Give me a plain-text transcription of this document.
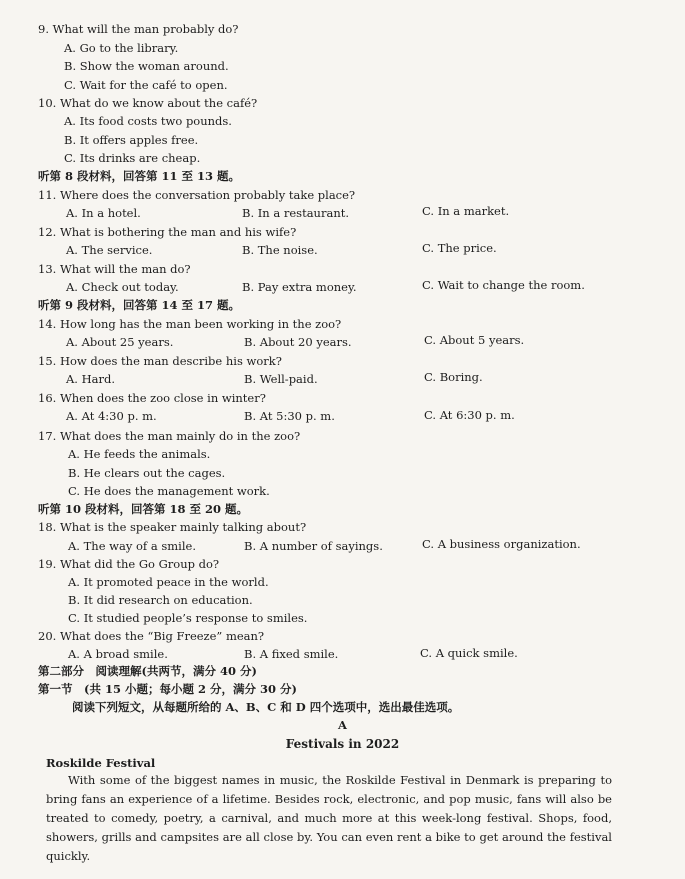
9. What will the man probably do?
A. Go to the library.
B. Show the woman around.
C. Wait for the café to open.
10. What do we know about the café?
A. Its food costs two pounds.
B. It offers apples free.
C. Its drinks are cheap.
听第 8 段材料，回答第 11 至 13 题。
11. Where does the conversation probably take place?
A. In a hotel.	B. In a restaurant.	C. In a market.
12. What is bothering the man and his wife?
A. The service.	B. The noise.	C. The price.
13. What will the man do?
A. Check out today.	B. Pay extra money.	C. Wait to change the room.
听第 9 段材料，回答第 14 至 17 题。
14. How long has the man been working in the zoo?
A. About 25 years.	B. About 20 years.	C. About 5 years.
15. How does the man describe his work?
A. Hard.	B. Well-paid.	C. Boring.
16. When does the zoo close in winter?
A. At 4:30 p. m.	B. At 5:30 p. m.	C. At 6:30 p. m.
17. What does the man mainly do in the zoo?
A. He feeds the animals.
B. He clears out the cages.
C. He does the management work.
听第 10 段材料，回答第 18 至 20 题。
18. What is the speaker mainly talking about?
A. The way of a smile.	B. A number of sayings.	C. A business organization.
19. What did the Go Group do?
A. It promoted peace in the world.
B. It did research on education.
C. It studied people’s response to smiles.
20. What does the “Big Freeze” mean?
A. A broad smile.	B. A fixed smile.	C. A quick smile.
第二部分　阅读理解(共两节，满分 40 分)
第一节　(共 15 小题；每小题 2 分，满分 30 分)
阅读下列短文，从每题所给的 A、B、C 和 D 四个选项中，选出最佳选项。
A
Festivals in 2022
Roskilde Festival

With some of the biggest names in music, the Roskilde Festival in Denmark is preparing to bring fans an experience of a lifetime. Besides rock, electronic, and pop music, fans will also be treated to comedy, poetry, a carnival, and much more at this week-long festival. Shops, food, showers, grills and campsites are all close by. You can even rent a bike to get around the festival quickly.
